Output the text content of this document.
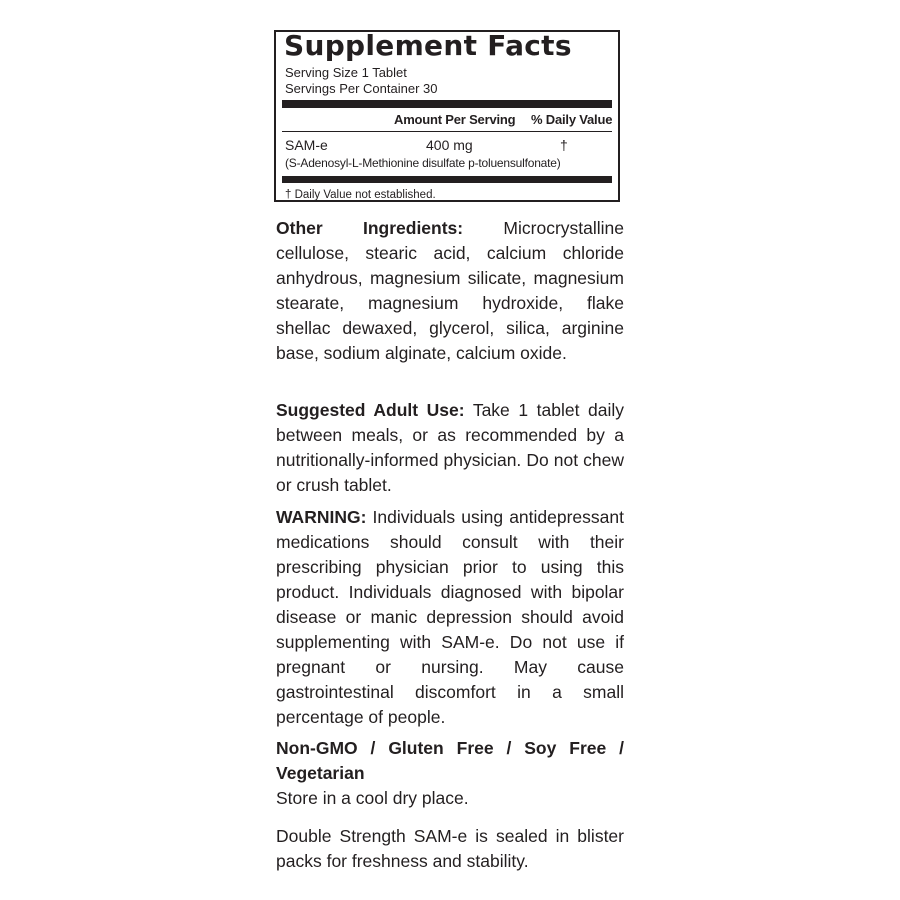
Supplement Facts
Serving Size 1 Tablet
Servings Per Container 30
Amount Per Serving % Daily Value
SAM-e	400 mg	†
(S-Adenosyl-L-Methionine disulfate p-toluensulfonate)
† Daily Value not established.
Other Ingredients: Microcrystalline cellulose, stearic acid, calcium chloride anhydrous, magnesium silicate, magnesium stearate, magnesium hydroxide, flake shellac dewaxed, glycerol, silica, arginine base, sodium alginate, calcium oxide.
Suggested Adult Use: Take 1 tablet daily between meals, or as recommended by a nutritionally-informed physician. Do not chew or crush tablet.
WARNING: Individuals using antidepressant medications should consult with their prescribing physician prior to using this product. Individuals diagnosed with bipolar disease or manic depression should avoid supplementing with SAM-e. Do not use if pregnant or nursing. May cause gastrointestinal discomfort in a small percentage of people.
Non-GMO / Gluten Free / Soy Free / Vegetarian
Store in a cool dry place.
Double Strength SAM-e is sealed in blister packs for freshness and stability.
